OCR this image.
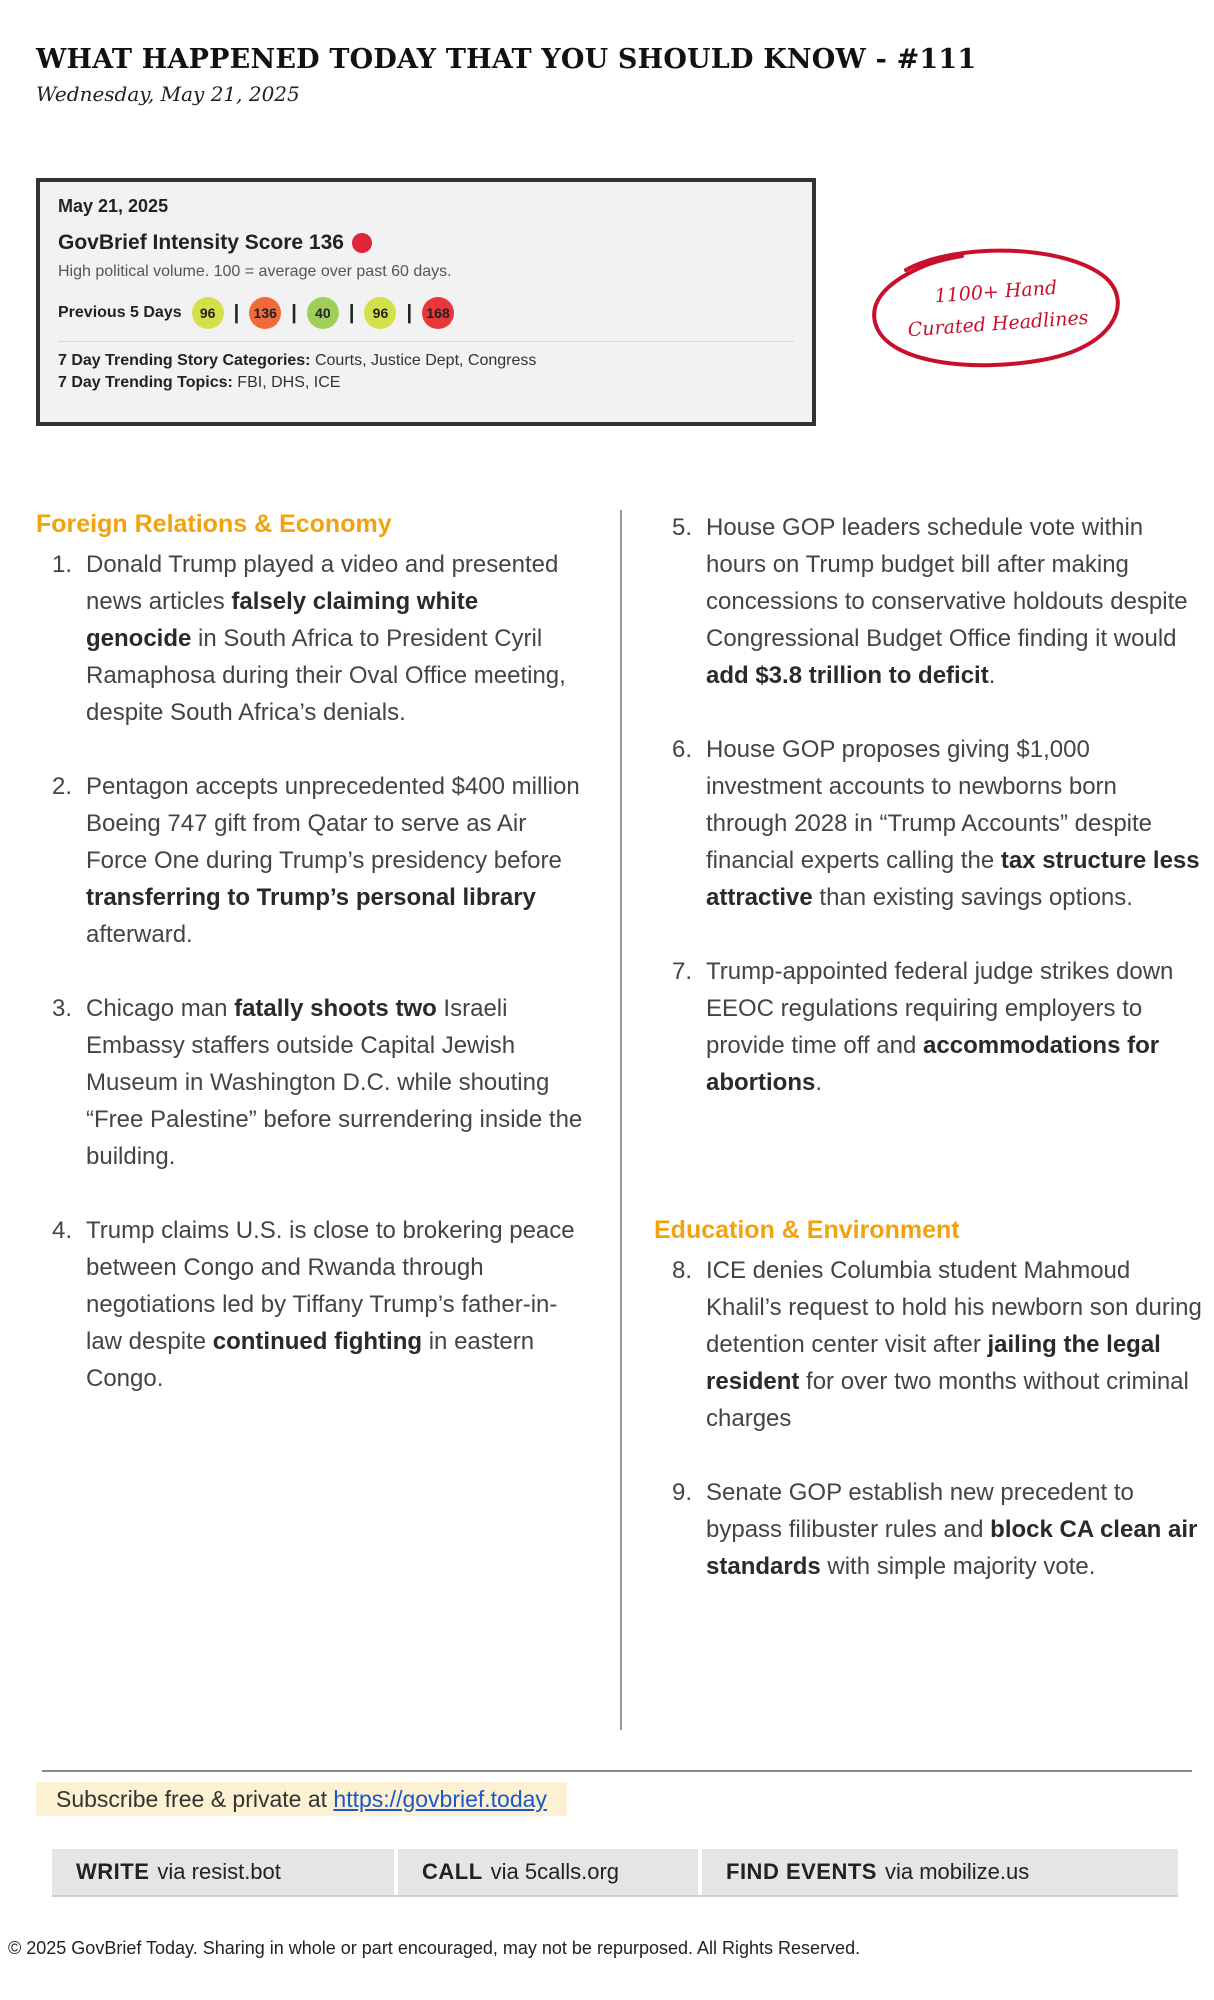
WHAT HAPPENED TODAY THAT YOU SHOULD KNOW - #111
Wednesday, May 21, 2025
May 21, 2025
GovBrief Intensity Score 136
High political volume. 100 = average over past 60 days.
Previous 5 Days	96 |	136 |	40 |	96 |	168
7 Day Trending Story Categories: Courts, Justice Dept, Congress
7 Day Trending Topics: FBI, DHS, ICE
1100+ Hand
Curated Headlines
Foreign Relations & Economy
1. Donald Trump played a video and presented news articles falsely claiming white genocide in South Africa to President Cyril Ramaphosa during their Oval Office meeting, despite South Africa’s denials.
2. Pentagon accepts unprecedented $400 million Boeing 747 gift from Qatar to serve as Air Force One during Trump’s presidency before transferring to Trump’s personal library afterward.
3. Chicago man fatally shoots two Israeli Embassy staffers outside Capital Jewish Museum in Washington D.C. while shouting “Free Palestine” before surrendering inside the building.
4. Trump claims U.S. is close to brokering peace between Congo and Rwanda through negotiations led by Tiffany Trump’s father-in-law despite continued fighting in eastern Congo.
5. House GOP leaders schedule vote within hours on Trump budget bill after making concessions to conservative holdouts despite Congressional Budget Office finding it would add $3.8 trillion to deficit.
6. House GOP proposes giving $1,000 investment accounts to newborns born through 2028 in “Trump Accounts” despite financial experts calling the tax structure less attractive than existing savings options.
7. Trump-appointed federal judge strikes down EEOC regulations requiring employers to provide time off and accommodations for abortions.
Education & Environment
8. ICE denies Columbia student Mahmoud Khalil’s request to hold his newborn son during detention center visit after jailing the legal resident for over two months without criminal charges
9. Senate GOP establish new precedent to bypass filibuster rules and block CA clean air standards with simple majority vote.
Subscribe free & private at https://govbrief.today
WRITE via resist.bot	CALL via 5calls.org	FIND EVENTS via mobilize.us
© 2025 GovBrief Today. Sharing in whole or part encouraged, may not be repurposed. All Rights Reserved.
